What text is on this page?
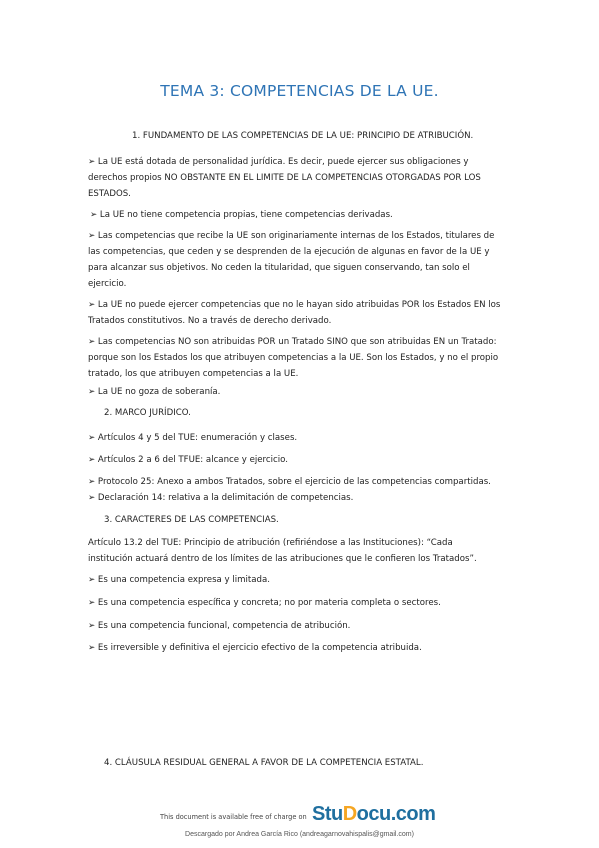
TEMA 3: COMPETENCIAS DE LA UE.
1. FUNDAMENTO DE LAS COMPETENCIAS DE LA UE: PRINCIPIO DE ATRIBUCIÓN.
➢ La UE está dotada de personalidad jurídica. Es decir, puede ejercer sus obligaciones y
derechos propios NO OBSTANTE EN EL LIMITE DE LA COMPETENCIAS OTORGADAS POR LOS
ESTADOS.
➢ La UE no tiene competencia propias, tiene competencias derivadas.
➢ Las competencias que recibe la UE son originariamente internas de los Estados, titulares de
las competencias, que ceden y se desprenden de la ejecución de algunas en favor de la UE y
para alcanzar sus objetivos. No ceden la titularidad, que siguen conservando, tan solo el
ejercicio.
➢ La UE no puede ejercer competencias que no le hayan sido atribuidas POR los Estados EN los
Tratados constitutivos. No a través de derecho derivado.
➢ Las competencias NO son atribuidas POR un Tratado SINO que son atribuidas EN un Tratado:
porque son los Estados los que atribuyen competencias a la UE. Son los Estados, y no el propio
tratado, los que atribuyen competencias a la UE.
➢ La UE no goza de soberanía.
2. MARCO JURÍDICO.
➢ Artículos 4 y 5 del TUE: enumeración y clases.
➢ Artículos 2 a 6 del TFUE: alcance y ejercicio.
➢ Protocolo 25: Anexo a ambos Tratados, sobre el ejercicio de las competencias compartidas.
➢ Declaración 14: relativa a la delimitación de competencias.
3. CARACTERES DE LAS COMPETENCIAS.
Artículo 13.2 del TUE: Principio de atribución (refiriéndose a las Instituciones): “Cada
institución actuará dentro de los límites de las atribuciones que le confieren los Tratados”.
➢ Es una competencia expresa y limitada.
➢ Es una competencia específica y concreta; no por materia completa o sectores.
➢ Es una competencia funcional, competencia de atribución.
➢ Es irreversible y definitiva el ejercicio efectivo de la competencia atribuida.
4. CLÁUSULA RESIDUAL GENERAL A FAVOR DE LA COMPETENCIA ESTATAL.
This document is available free of charge on StuDocu.com
Descargado por Andrea García Rico (andreagarnovahispalis@gmail.com)
